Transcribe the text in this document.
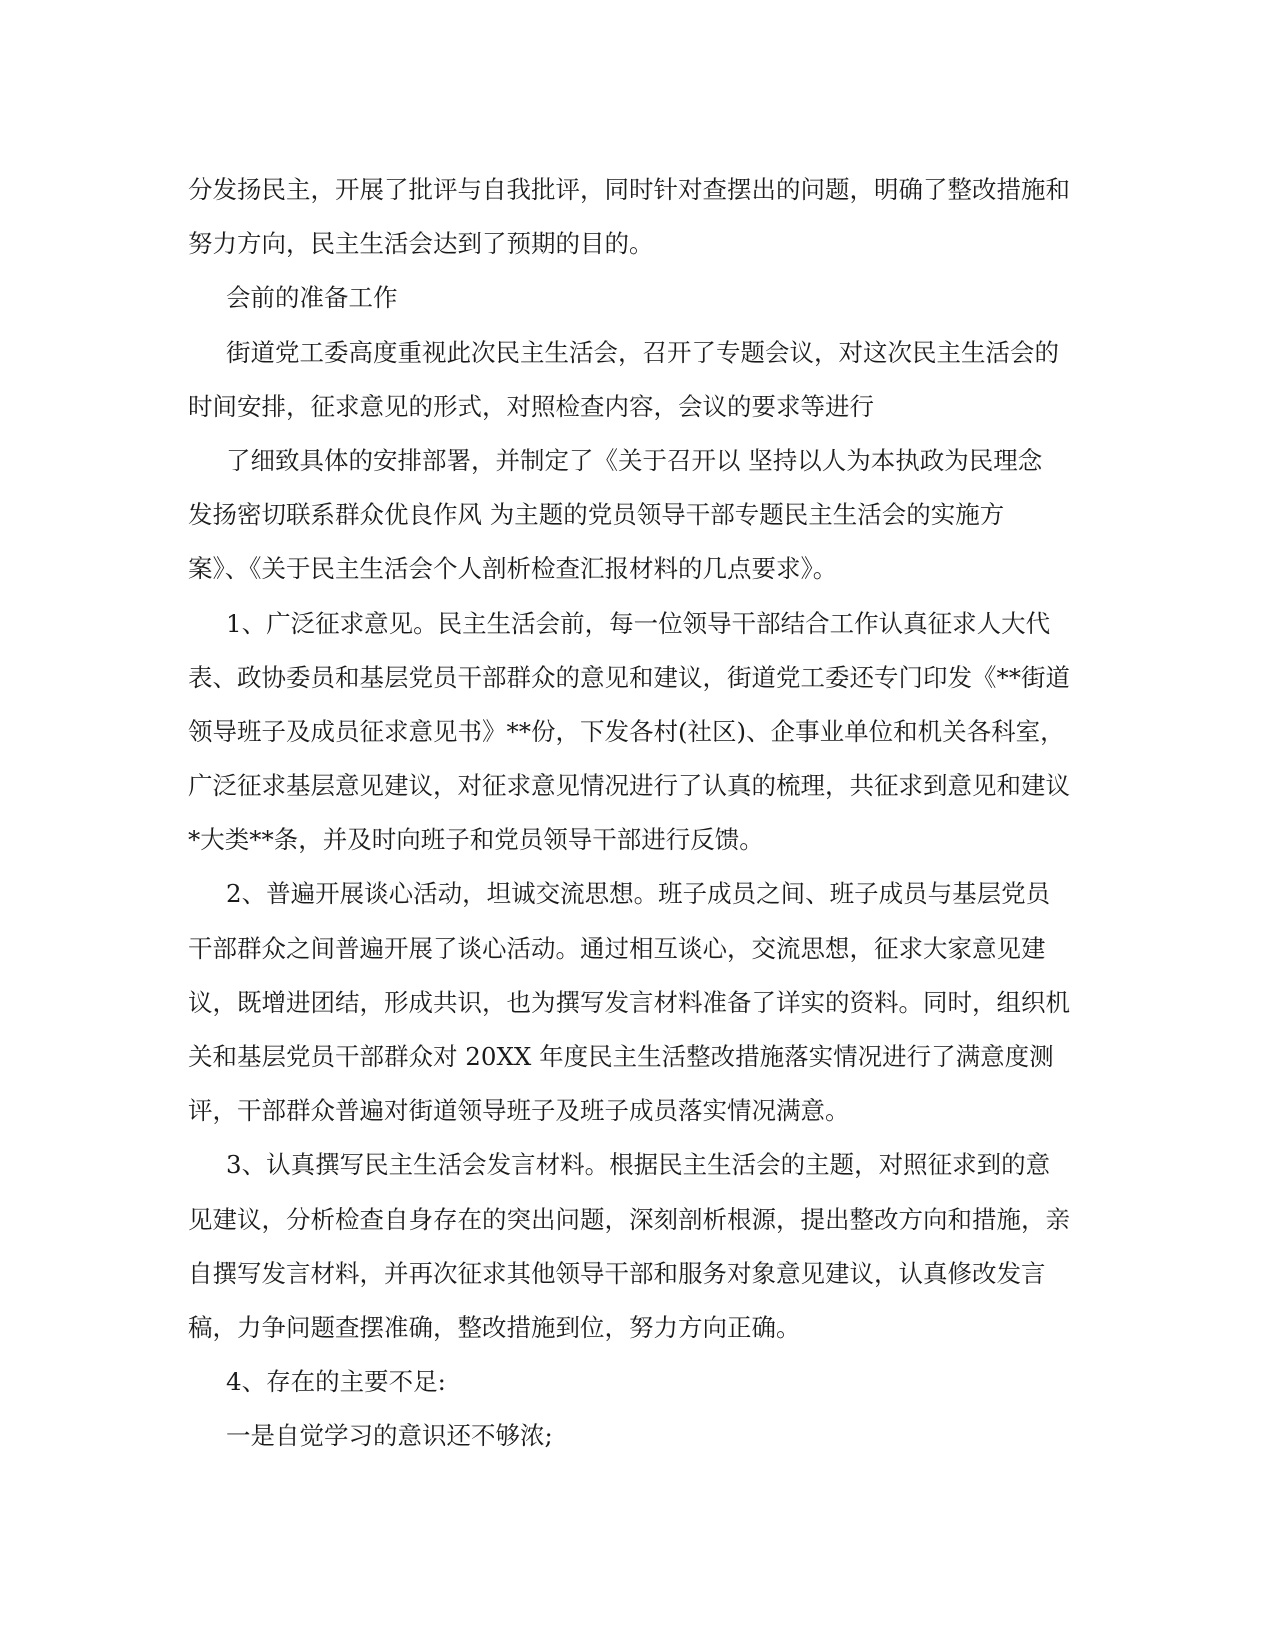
分发扬民主，开展了批评与自我批评，同时针对查摆出的问题，明确了整改措施和
努力方向，民主生活会达到了预期的目的。
会前的准备工作
街道党工委高度重视此次民主生活会，召开了专题会议，对这次民主生活会的
时间安排，征求意见的形式，对照检查内容，会议的要求等进行
了细致具体的安排部署，并制定了《关于召开以 坚持以人为本执政为民理念
发扬密切联系群众优良作风 为主题的党员领导干部专题民主生活会的实施方
案》、《关于民主生活会个人剖析检查汇报材料的几点要求》。
1、广泛征求意见。民主生活会前，每一位领导干部结合工作认真征求人大代
表、政协委员和基层党员干部群众的意见和建议，街道党工委还专门印发《**街道
领导班子及成员征求意见书》**份，下发各村(社区)、企事业单位和机关各科室，
广泛征求基层意见建议，对征求意见情况进行了认真的梳理，共征求到意见和建议
*大类**条，并及时向班子和党员领导干部进行反馈。
2、普遍开展谈心活动，坦诚交流思想。班子成员之间、班子成员与基层党员
干部群众之间普遍开展了谈心活动。通过相互谈心，交流思想，征求大家意见建
议，既增进团结，形成共识，也为撰写发言材料准备了详实的资料。同时，组织机
关和基层党员干部群众对 20XX 年度民主生活整改措施落实情况进行了满意度测
评，干部群众普遍对街道领导班子及班子成员落实情况满意。
3、认真撰写民主生活会发言材料。根据民主生活会的主题，对照征求到的意
见建议，分析检查自身存在的突出问题，深刻剖析根源，提出整改方向和措施，亲
自撰写发言材料，并再次征求其他领导干部和服务对象意见建议，认真修改发言
稿，力争问题查摆准确，整改措施到位，努力方向正确。
4、存在的主要不足:
一是自觉学习的意识还不够浓;
